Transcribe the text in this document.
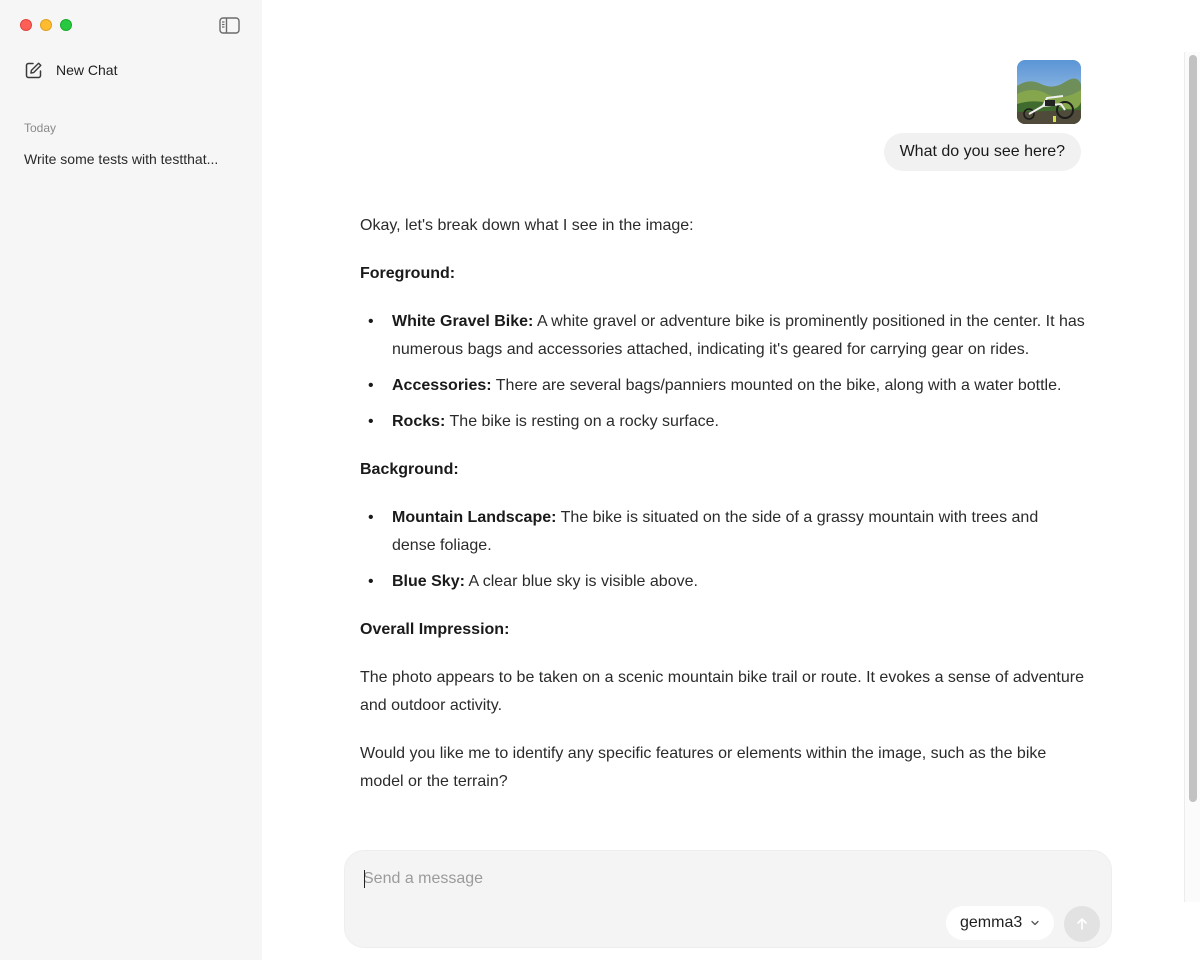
New Chat
Today
Write some tests with testthat...	What do you see here?

Okay, let's break down what I see in the image:

Foreground:

• White Gravel Bike: A white gravel or adventure bike is prominently positioned in the center. It has numerous bags and accessories attached, indicating it's geared for carrying gear on rides.
• Accessories: There are several bags/panniers mounted on the bike, along with a water bottle.
• Rocks: The bike is resting on a rocky surface.

Background:

• Mountain Landscape: The bike is situated on the side of a grassy mountain with trees and dense foliage.
• Blue Sky: A clear blue sky is visible above.

Overall Impression:

The photo appears to be taken on a scenic mountain bike trail or route. It evokes a sense of adventure and outdoor activity.

Would you like me to identify any specific features or elements within the image, such as the bike model or the terrain?

Send a message
gemma3
